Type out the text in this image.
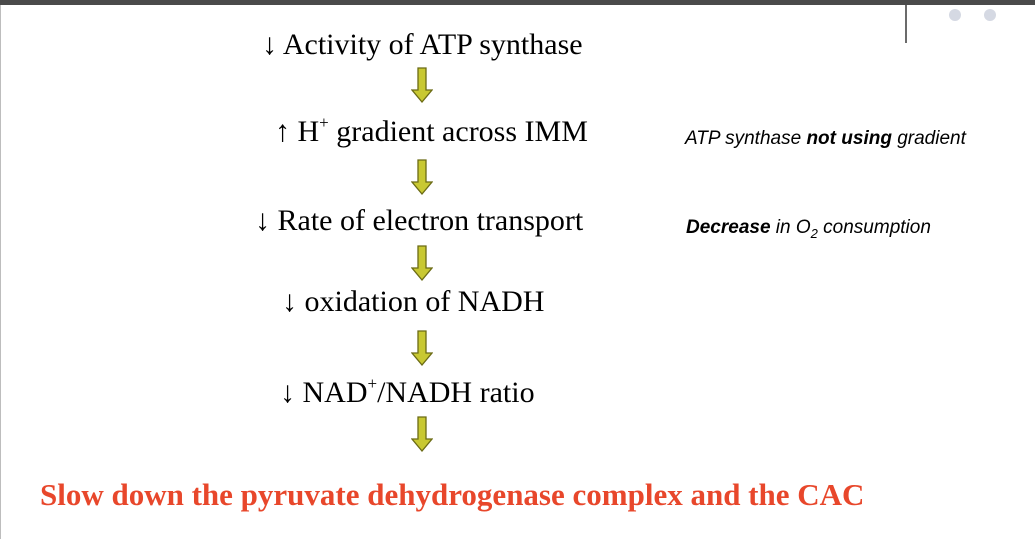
↓ Activity of ATP synthase
↑ H+ gradient across IMM
↓ Rate of electron transport
↓ oxidation of NADH
↓ NAD+/NADH ratio
ATP synthase not using gradient
Decrease in $O_2$ consumption
Slow down the pyruvate dehydrogenase complex and the CAC
